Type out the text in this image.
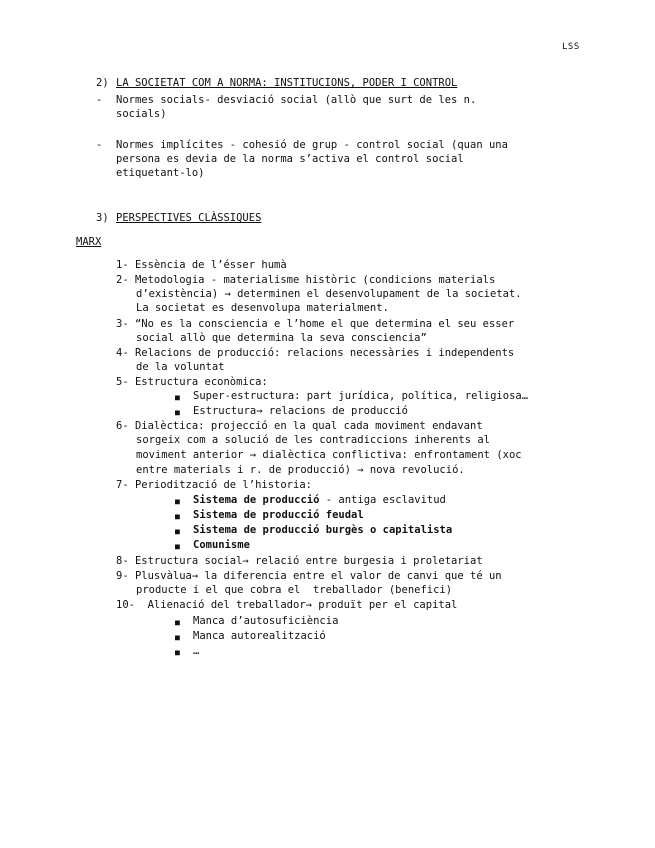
LSS
2) LA SOCIETAT COM A NORMA: INSTITUCIONS, PODER I CONTROL
- Normes socials- desviació social (allò que surt de les n.
socials)
- Normes implícites - cohesió de grup - control social (quan una
persona es devia de la norma s’activa el control social
etiquetant-lo)
3) PERSPECTIVES CLÀSSIQUES
MARX
1- Essència de l’ésser humà
2- Metodologia - materialisme històric (condicions materials
d’existència) → determinen el desenvolupament de la societat.
La societat es desenvolupa materialment.
3- “No es la consciencia e l’home el que determina el seu esser
social allò que determina la seva consciencia”
4- Relacions de producció: relacions necessàries i independents
de la voluntat
5- Estructura econòmica:
■ Super-estructura: part jurídica, política, religiosa…
■ Estructura→ relacions de producció
6- Dialèctica: projecció en la qual cada moviment endavant
sorgeix com a solució de les contradiccions inherents al
moviment anterior → dialèctica conflictiva: enfrontament (xoc
entre materials i r. de producció) → nova revolució.
7- Periodització de l’historia:
■ Sistema de producció - antiga esclavitud
■ Sistema de producció feudal
■ Sistema de producció burgès o capitalista
■ Comunisme
8- Estructura social→ relació entre burgesia i proletariat
9- Plusvàlua→ la diferencia entre el valor de canvi que té un
producte i el que cobra el  treballador (benefici)
10-  Alienació del treballador→ produït per el capital
■ Manca d’autosuficiència
■ Manca autorealització
■ …
